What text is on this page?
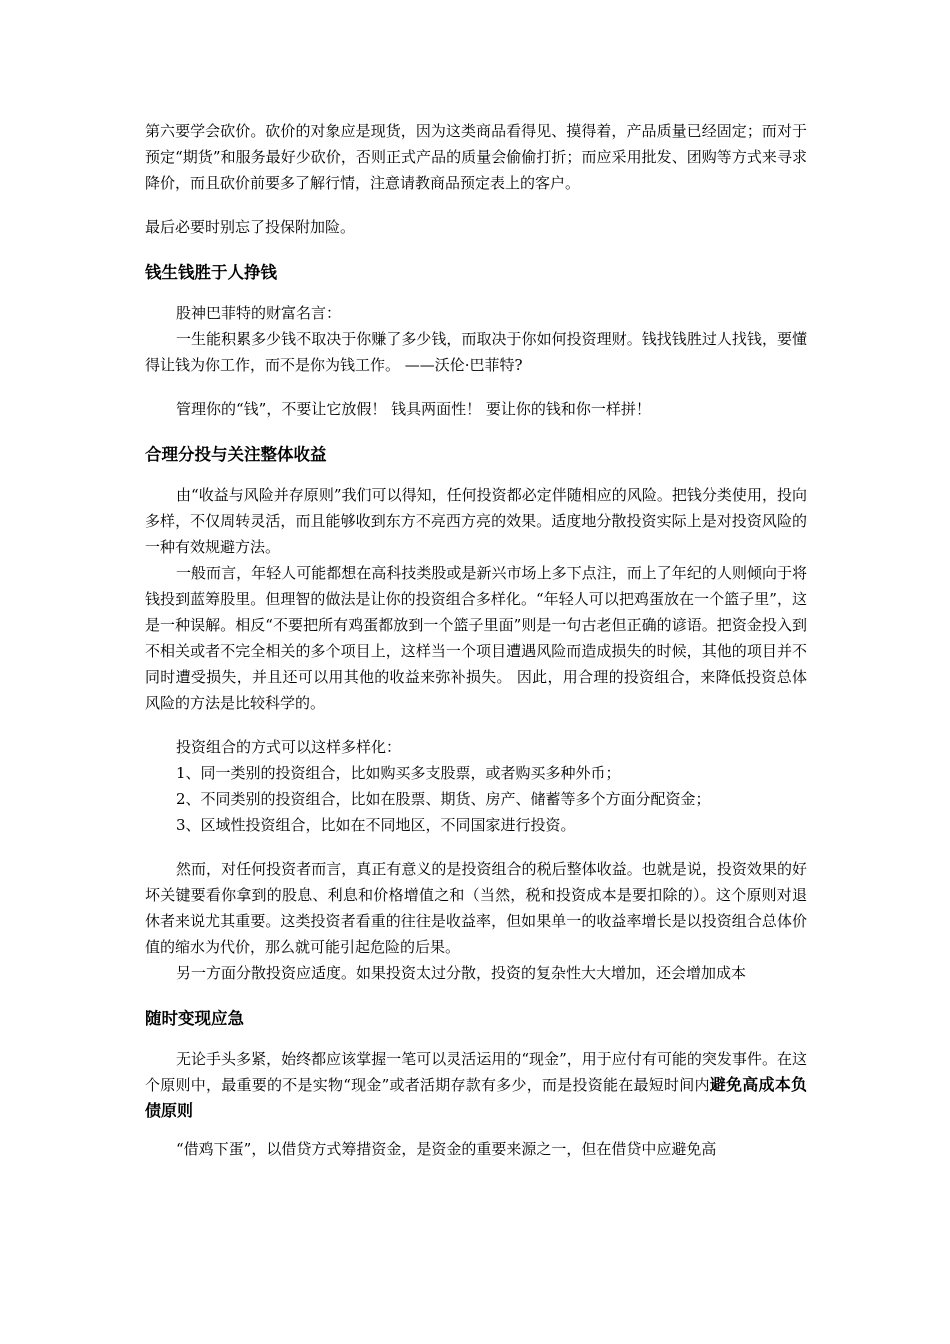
第六要学会砍价。砍价的对象应是现货，因为这类商品看得见、摸得着，产品质量已经固定；而对于预定“期货”和服务最好少砍价，否则正式产品的质量会偷偷打折；而应采用批发、团购等方式来寻求降价，而且砍价前要多了解行情，注意请教商品预定表上的客户。

最后必要时别忘了投保附加险。

钱生钱胜于人挣钱

股神巴菲特的财富名言：

一生能积累多少钱不取决于你赚了多少钱，而取决于你如何投资理财。钱找钱胜过人找钱，要懂得让钱为你工作，而不是你为钱工作。 ——沃伦·巴菲特?

管理你的“钱”，不要让它放假！ 钱具两面性！ 要让你的钱和你一样拼！

合理分投与关注整体收益

由“收益与风险并存原则”我们可以得知，任何投资都必定伴随相应的风险。把钱分类使用，投向多样，不仅周转灵活，而且能够收到东方不亮西方亮的效果。适度地分散投资实际上是对投资风险的一种有效规避方法。

一般而言，年轻人可能都想在高科技类股或是新兴市场上多下点注，而上了年纪的人则倾向于将钱投到蓝筹股里。但理智的做法是让你的投资组合多样化。“年轻人可以把鸡蛋放在一个篮子里”，这是一种误解。相反“不要把所有鸡蛋都放到一个篮子里面”则是一句古老但正确的谚语。把资金投入到不相关或者不完全相关的多个项目上，这样当一个项目遭遇风险而造成损失的时候，其他的项目并不同时遭受损失，并且还可以用其他的收益来弥补损失。 因此，用合理的投资组合，来降低投资总体风险的方法是比较科学的。

投资组合的方式可以这样多样化：

1、同一类别的投资组合，比如购买多支股票，或者购买多种外币；

2、不同类别的投资组合，比如在股票、期货、房产、储蓄等多个方面分配资金；

3、区域性投资组合，比如在不同地区，不同国家进行投资。

然而，对任何投资者而言，真正有意义的是投资组合的税后整体收益。也就是说，投资效果的好坏关键要看你拿到的股息、利息和价格增值之和（当然，税和投资成本是要扣除的）。这个原则对退休者来说尤其重要。这类投资者看重的往往是收益率，但如果单一的收益率增长是以投资组合总体价值的缩水为代价，那么就可能引起危险的后果。

另一方面分散投资应适度。如果投资太过分散，投资的复杂性大大增加，还会增加成本

随时变现应急

无论手头多紧，始终都应该掌握一笔可以灵活运用的“现金”，用于应付有可能的突发事件。在这个原则中，最重要的不是实物“现金”或者活期存款有多少，而是投资能在最短时间内避免高成本负债原则

“借鸡下蛋”，以借贷方式筹措资金，是资金的重要来源之一，但在借贷中应避免高
